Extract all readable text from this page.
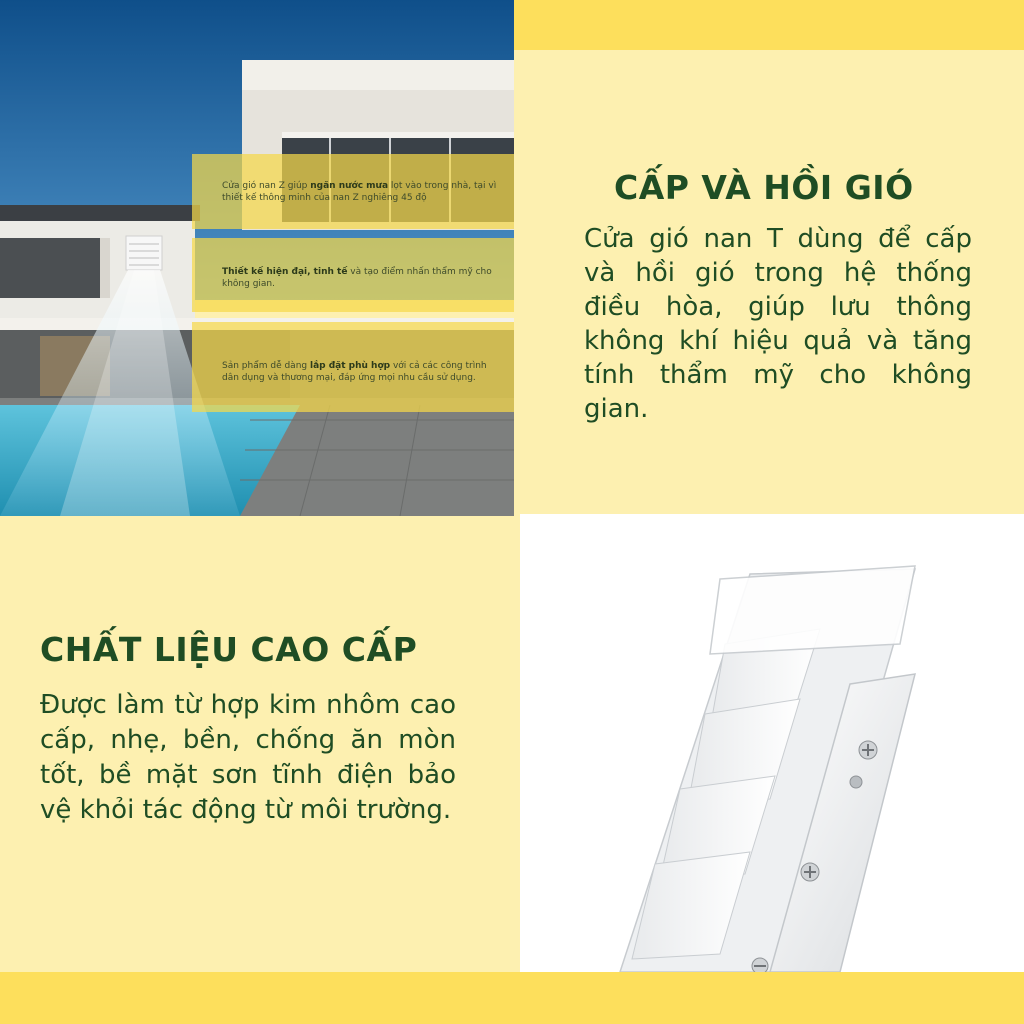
Cửa gió nan Z giúp ngăn nước mưa lọt vào trong nhà, tại vì thiết kế thông minh của nan Z nghiêng 45 độ
Thiết kế hiện đại, tinh tế và tạo điểm nhấn thẩm mỹ cho không gian.
Sản phẩm dễ dàng lắp đặt phù hợp với cả các công trình dân dụng và thương mại, đáp ứng mọi nhu cầu sử dụng.
CẤP VÀ HỒI GIÓ
Cửa gió nan T dùng để cấp và hồi gió trong hệ thống điều hòa, giúp lưu thông không khí hiệu quả và tăng tính thẩm mỹ cho không gian.
CHẤT LIỆU CAO CẤP
Được làm từ hợp kim nhôm cao cấp, nhẹ, bền, chống ăn mòn tốt, bề mặt sơn tĩnh điện bảo vệ khỏi tác động từ môi trường.
